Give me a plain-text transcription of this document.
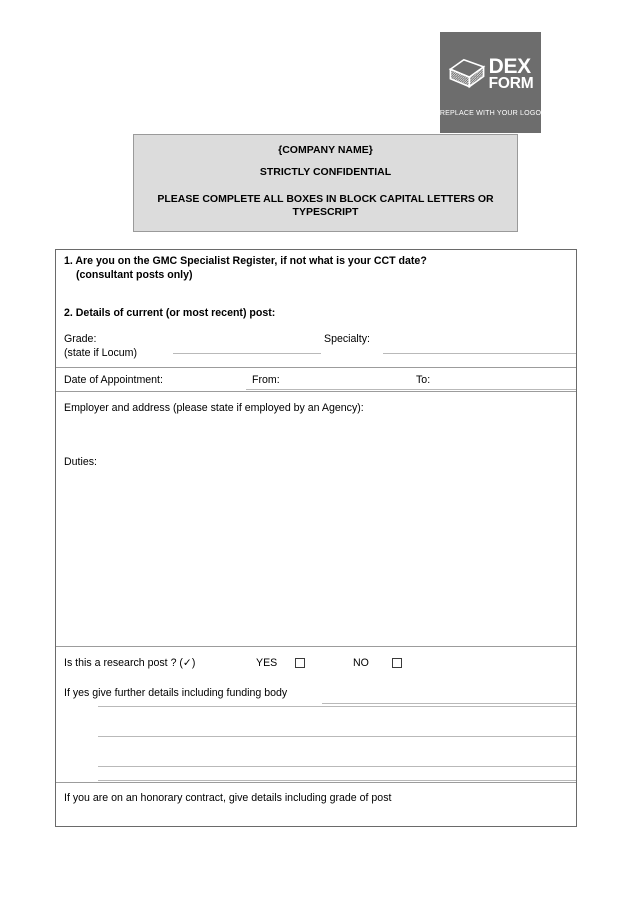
DEX
FORM
REPLACE WITH YOUR LOGO
{COMPANY NAME}
STRICTLY CONFIDENTIAL
PLEASE COMPLETE ALL BOXES IN BLOCK CAPITAL LETTERS OR TYPESCRIPT
1. Are you on the GMC Specialist Register, if not what is your CCT date?
(consultant posts only)
2. Details of current (or most recent) post:
Grade:
(state if Locum)
Specialty:
Date of Appointment:	From:	To:
Employer and address (please state if employed by an Agency):
Duties:
Is this a research post ? (✓)	YES	NO
If yes give further details including funding body
If you are on an honorary contract, give details including grade of post
